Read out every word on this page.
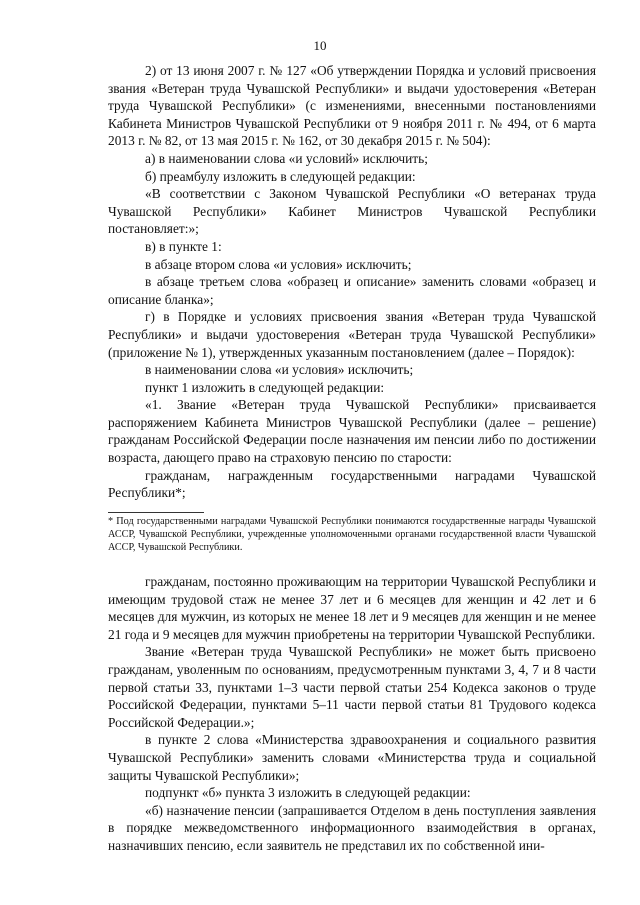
10

2) от 13 июня 2007 г. № 127 «Об утверждении Порядка и условий присвоения звания «Ветеран труда Чувашской Республики» и выдачи удостоверения «Ветеран труда Чувашской Республики» (с изменениями, внесенными постановлениями Кабинета Министров Чувашской Республики от 9 ноября 2011 г. № 494, от 6 марта 2013 г. № 82, от 13 мая 2015 г. № 162, от 30 декабря 2015 г. № 504):

а) в наименовании слова «и условий» исключить;

б) преамбулу изложить в следующей редакции:

«В соответствии с Законом Чувашской Республики «О ветеранах труда Чувашской Республики» Кабинет Министров Чувашской Республики постановляет:»;

в) в пункте 1:

в абзаце втором слова «и условия» исключить;

в абзаце третьем слова «образец и описание» заменить словами «образец и описание бланка»;

г) в Порядке и условиях присвоения звания «Ветеран труда Чувашской Республики» и выдачи удостоверения «Ветеран труда Чувашской Республики» (приложение № 1), утвержденных указанным постановлением (далее – Порядок):

в наименовании слова «и условия» исключить;

пункт 1 изложить в следующей редакции:

«1. Звание «Ветеран труда Чувашской Республики» присваивается распоряжением Кабинета Министров Чувашской Республики (далее – решение) гражданам Российской Федерации после назначения им пенсии либо по достижении возраста, дающего право на страховую пенсию по старости:

гражданам, награжденным государственными наградами Чувашской Республики*;

* Под государственными наградами Чувашской Республики понимаются государственные награды Чувашской АССР, Чувашской Республики, учрежденные уполномоченными органами государственной власти Чувашской АССР, Чувашской Республики.

гражданам, постоянно проживающим на территории Чувашской Республики и имеющим трудовой стаж не менее 37 лет и 6 месяцев для женщин и 42 лет и 6 месяцев для мужчин, из которых не менее 18 лет и 9 месяцев для женщин и не менее 21 года и 9 месяцев для мужчин приобретены на территории Чувашской Республики.

Звание «Ветеран труда Чувашской Республики» не может быть присвоено гражданам, уволенным по основаниям, предусмотренным пунктами 3, 4, 7 и 8 части первой статьи 33, пунктами 1–3 части первой статьи 254 Кодекса законов о труде Российской Федерации, пунктами 5–11 части первой статьи 81 Трудового кодекса Российской Федерации.»;

в пункте 2 слова «Министерства здравоохранения и социального развития Чувашской Республики» заменить словами «Министерства труда и социальной защиты Чувашской Республики»;

подпункт «б» пункта 3 изложить в следующей редакции:

«б) назначение пенсии (запрашивается Отделом в день поступления заявления в порядке межведомственного информационного взаимодействия в органах, назначивших пенсию, если заявитель не представил их по собственной ини-
